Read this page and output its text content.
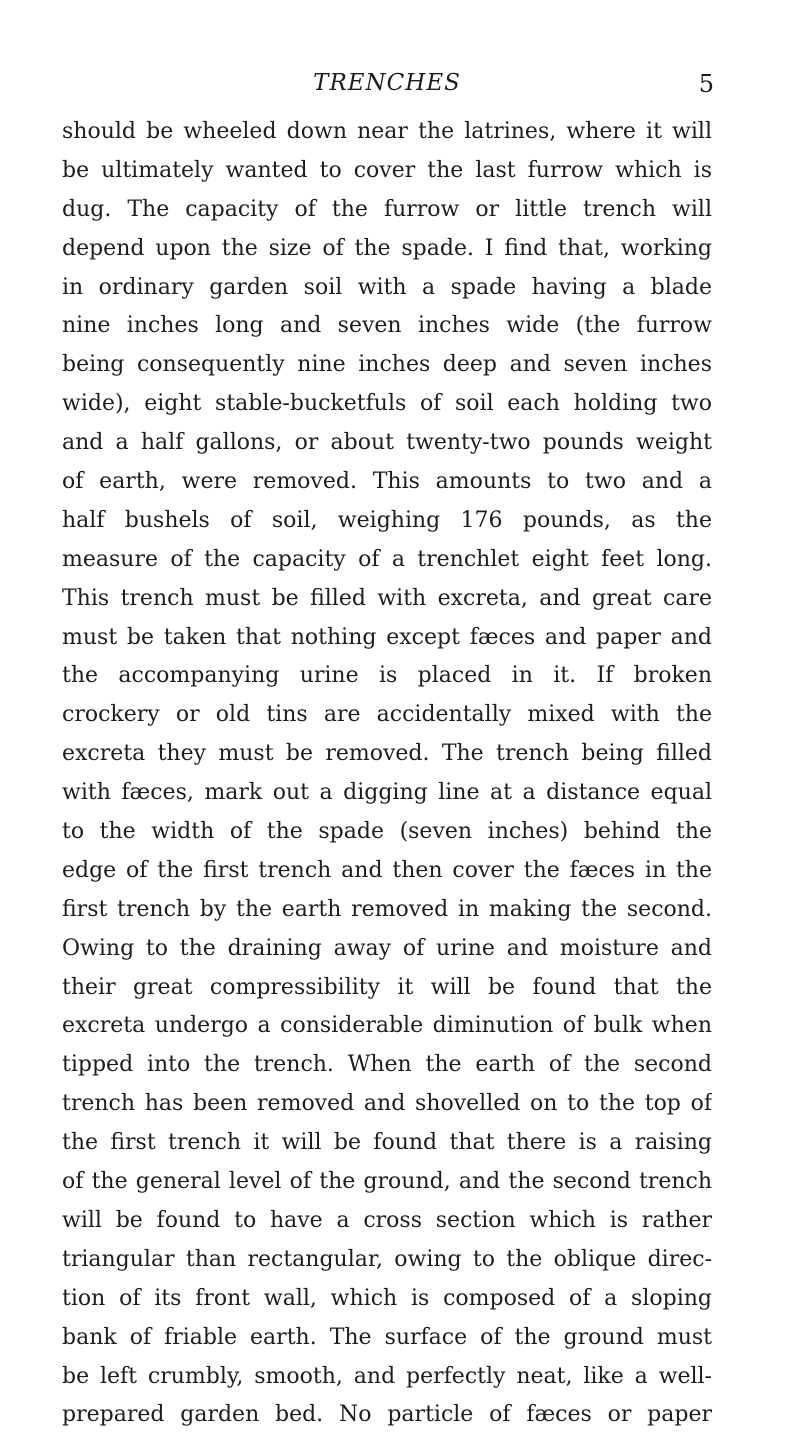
TRENCHES	5
should be wheeled down near the latrines, where it will
be ultimately wanted to cover the last furrow which is
dug. The capacity of the furrow or little trench will
depend upon the size of the spade. I find that, working
in ordinary garden soil with a spade having a blade
nine inches long and seven inches wide (the furrow
being consequently nine inches deep and seven inches
wide), eight stable-bucketfuls of soil each holding two
and a half gallons, or about twenty-two pounds weight
of earth, were removed. This amounts to two and a
half bushels of soil, weighing 176 pounds, as the
measure of the capacity of a trenchlet eight feet long.
This trench must be filled with excreta, and great care
must be taken that nothing except fæces and paper and
the accompanying urine is placed in it. If broken
crockery or old tins are accidentally mixed with the
excreta they must be removed. The trench being filled
with fæces, mark out a digging line at a distance equal
to the width of the spade (seven inches) behind the
edge of the first trench and then cover the fæces in the
first trench by the earth removed in making the second.
Owing to the draining away of urine and moisture and
their great compressibility it will be found that the
excreta undergo a considerable diminution of bulk when
tipped into the trench. When the earth of the second
trench has been removed and shovelled on to the top of
the first trench it will be found that there is a raising
of the general level of the ground, and the second trench
will be found to have a cross section which is rather
triangular than rectangular, owing to the oblique direc-
tion of its front wall, which is composed of a sloping
bank of friable earth. The surface of the ground must
be left crumbly, smooth, and perfectly neat, like a well-
prepared garden bed. No particle of fæces or paper
